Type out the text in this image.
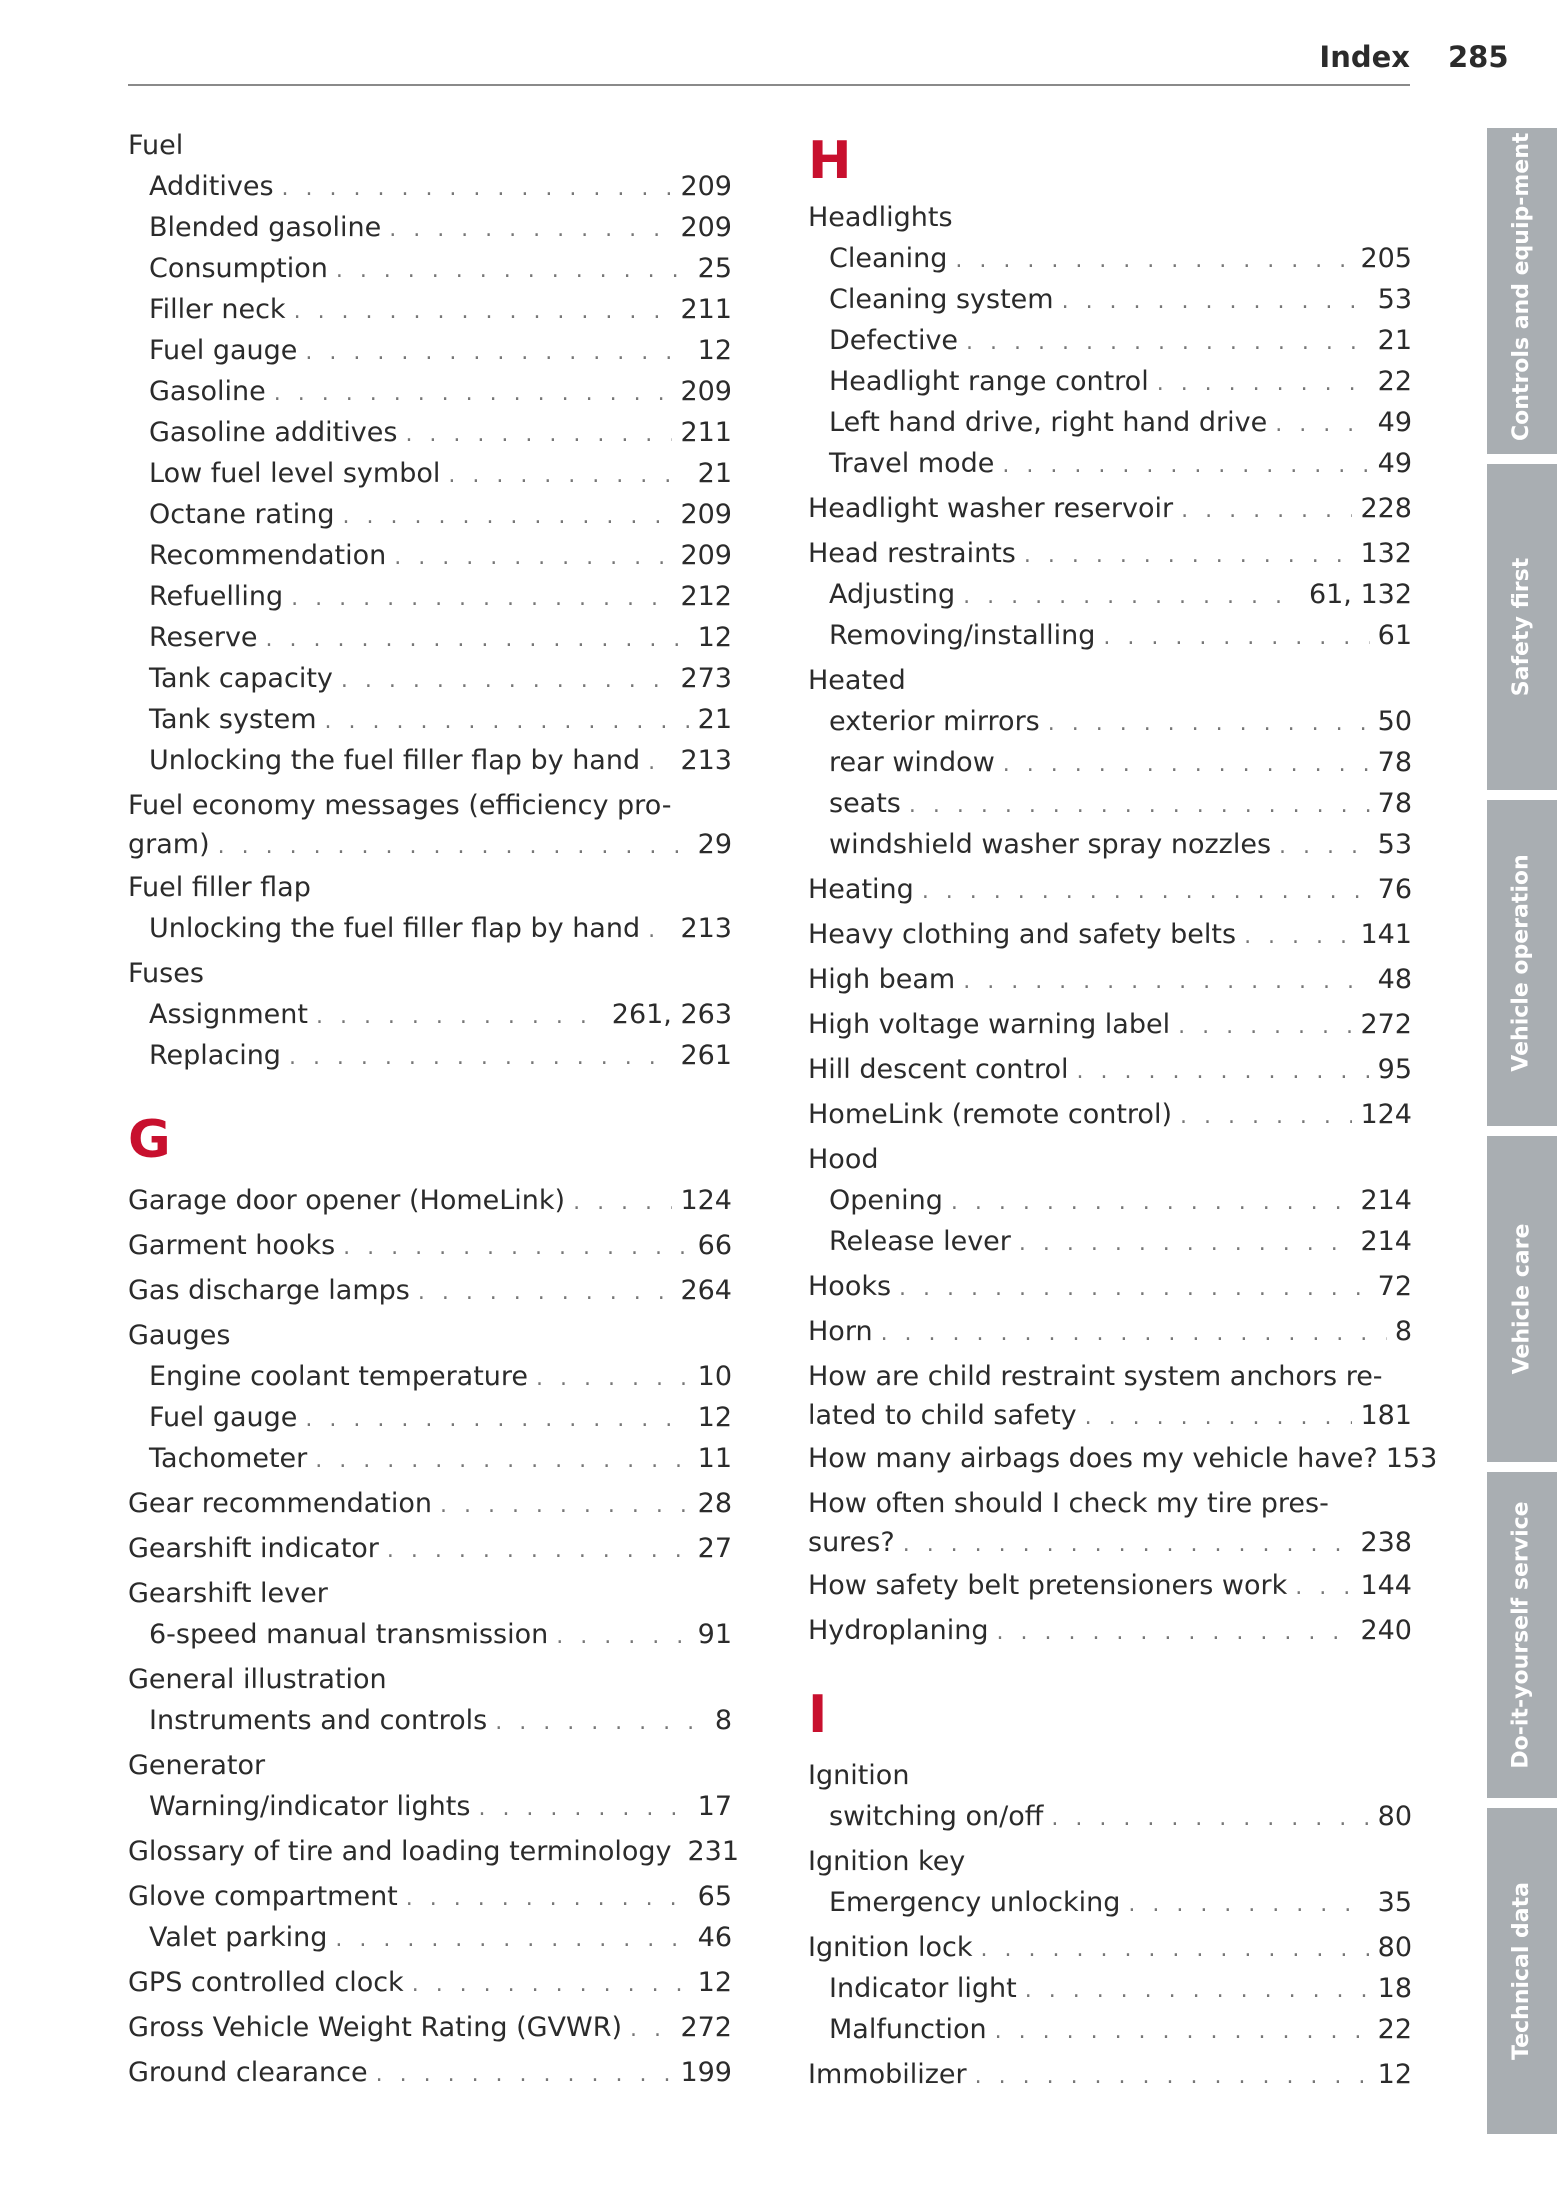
Index 285
Fuel
Additives . . .	209
Blended gasoline . . .	209
Consumption . . .	25
Filler neck . . .	211
Fuel gauge . . .	12
Gasoline . . .	209
Gasoline additives . . .	211
Low fuel level symbol . . .	21
Octane rating . . .	209
Recommendation . . .	209
Refuelling . . .	212
Reserve . . .	12
Tank capacity . . .	273
Tank system . . .	21
Unlocking the fuel filler flap by hand . . . 213
Fuel economy messages (efficiency pro-
gram) . . .	29
Fuel filler flap
Unlocking the fuel filler flap by hand . . . 213
Fuses
Assignment . . .	261, 263
Replacing . . .	261
G
Garage door opener (HomeLink) . . .	124
Garment hooks . . .	66
Gas discharge lamps . . .	264
Gauges
Engine coolant temperature . . .	10
Fuel gauge . . .	12
Tachometer . . .	11
Gear recommendation . . .	28
Gearshift indicator . . .	27
Gearshift lever
6-speed manual transmission . . .	91
General illustration
Instruments and controls . . .	8
Generator
Warning/indicator lights . . .	17
Glossary of tire and loading terminology 231
Glove compartment . . .	65
Valet parking . . .	46
GPS controlled clock . . .	12
Gross Vehicle Weight Rating (GVWR) . . . 272
Ground clearance . . .	199
H
Headlights
Cleaning . . .	205
Cleaning system . . .	53
Defective . . .	21
Headlight range control . . .	22
Left hand drive, right hand drive . . .	49
Travel mode . . .	49
Headlight washer reservoir . . .	228
Head restraints . . .	132
Adjusting . . .	61, 132
Removing/installing . . .	61
Heated
exterior mirrors . . .	50
rear window . . .	78
seats . . .	78
windshield washer spray nozzles . . .	53
Heating . . .	76
Heavy clothing and safety belts . . .	141
High beam . . .	48
High voltage warning label . . .	272
Hill descent control . . .	95
HomeLink (remote control) . . .	124
Hood
Opening . . .	214
Release lever . . .	214
Hooks . . .	72
Horn . . .	8
How are child restraint system anchors re-
lated to child safety . . .	181
How many airbags does my vehicle have? 153
How often should I check my tire pres-
sures? . . .	238
How safety belt pretensioners work . . .	144
Hydroplaning . . .	240
I
Ignition
switching on/off . . .	80
Ignition key
Emergency unlocking . . .	35
Ignition lock . . .	80
Indicator light . . .	18
Malfunction . . .	22
Immobilizer . . .	12
Controls and equip-ment
Safety first
Vehicle operation
Vehicle care
Do-it-yourself service
Technical data
